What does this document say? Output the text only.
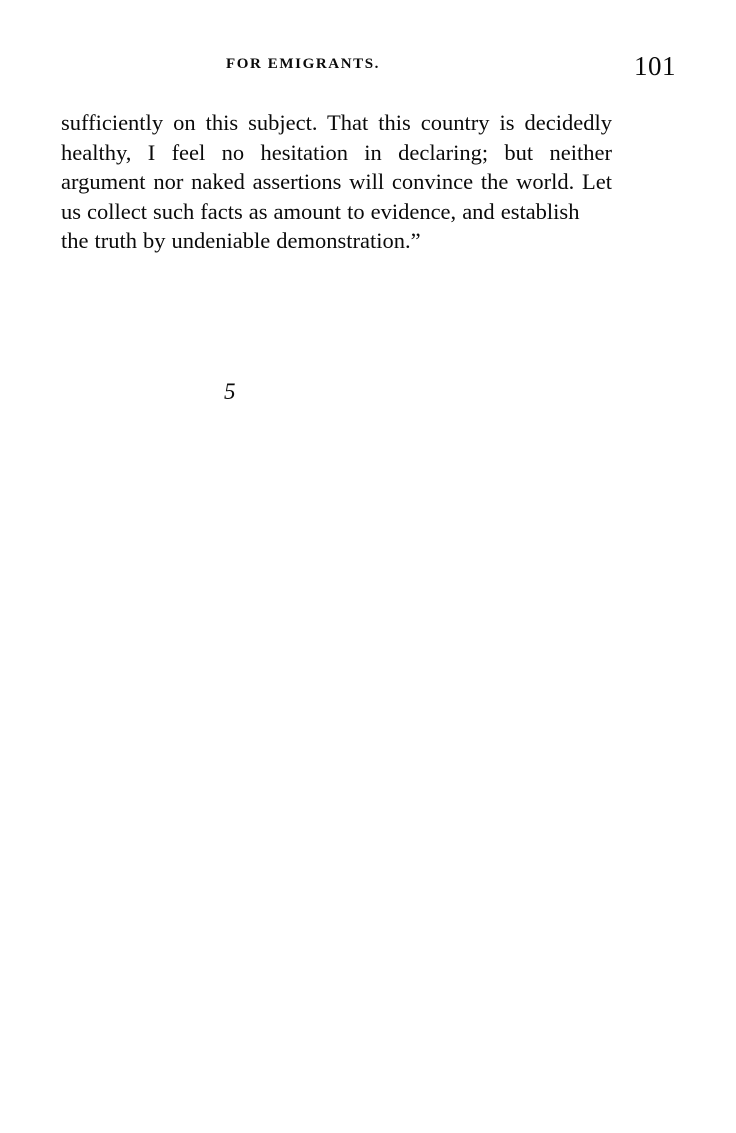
FOR EMIGRANTS.	101

sufficiently on this subject. That this country is decidedly healthy, I feel no hesitation in declaring; but neither argument nor naked assertions will convince the world. Let us collect such facts as amount to evidence, and establish
the truth by undeniable demonstration.”

5
